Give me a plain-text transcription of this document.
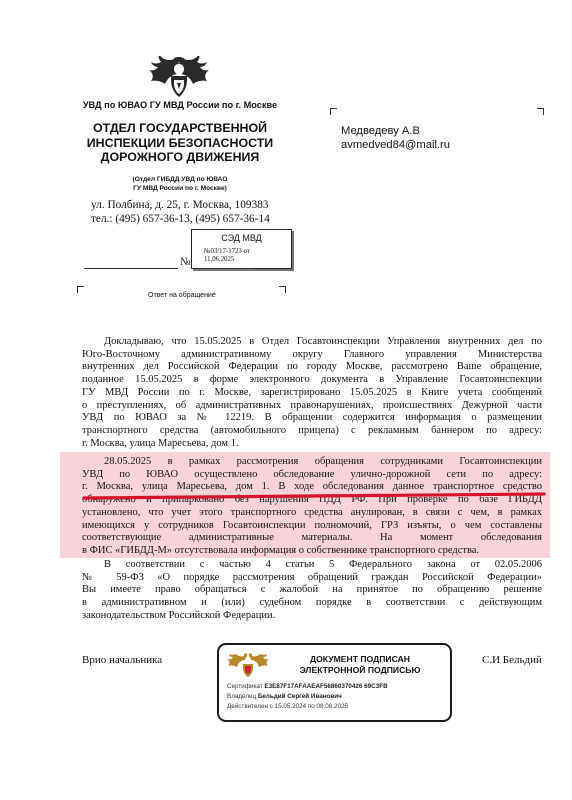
УВД по ЮВАО ГУ МВД России по г. Москве
ОТДЕЛ ГОСУДАРСТВЕННОЙ
ИНСПЕКЦИИ БЕЗОПАСНОСТИ
ДОРОЖНОГО ДВИЖЕНИЯ
(Отдел ГИБДД УВД по ЮВАО
ГУ МВД России по г. Москве)
ул. Полбина, д. 25, г. Москва, 109383
тел.: (495) 657-36-13, (495) 657-36-14
СЭД МВД
№03/17-1723 от
11.06.2025
№
Ответ на обращение
Медведеву А.В
avmedved84@mail.ru
Докладываю, что 15.05.2025 в Отдел Госавтоинспекции Управления внутренних дел по
Юго-Восточному административному округу Главного управления Министерства
внутренних дел Российской Федерации по городу Москве, рассмотрено Ваше обращение,
поданное 15.05.2025 в форме электронного документа в Управление Госавтоинспекции
ГУ МВД России по г. Москве, зарегистрировано 15.05.2025 в Книге учета сообщений
о преступлениях, об административных правонарушениях, происшествиях Дежурной части
УВД по ЮВАО за № 12219. В обращении содержится информация о размещении
транспортного средства (автомобильного прицепа) с рекламным баннером по адресу:
г. Москва, улица Маресьева, дом 1.
28.05.2025 в рамках рассмотрения обращения сотрудниками Госавтоинспекции
УВД по ЮВАО осуществлено обследование улично-дорожной сети по адресу:
г. Москва, улица Маресьева, дом 1. В ходе обследования данное транспортное средство
обнаружено и припарковано без нарушения ПДД РФ. При проверке по базе ГИБДД
установлено, что учет этого транспортного средства анулирован, в связи с чем, в рамках
имеющихся у сотрудников Госавтоинспекции полномочий, ГРЗ изъяты, о чем составлены
соответствующие административные материалы. На момент обследования
в ФИС «ГИБДД-М» отсутствовала информация о собственнике транспортного средства.
В соответствии с частью 4 статьи 5 Федерального закона от 02.05.2006
№ 59-ФЗ «О порядке рассмотрения обращений граждан Российской Федерации»
Вы имеете право обращаться с жалобой на принятое по обращению решение
в административном и (или) судебном порядке в соответствии с действующим
законодательством Российской Федерации.
Врио начальника	С.И Бельдий
ДОКУМЕНТ ПОДПИСАН
ЭЛЕКТРОННОЙ ПОДПИСЬЮ
Сертификат E3E87F17AFAAEAF56860370426 69C3FB
Владелец Бельдий Сергей Иванович
Действителен с 15.05.2024 по 08.08.2025
